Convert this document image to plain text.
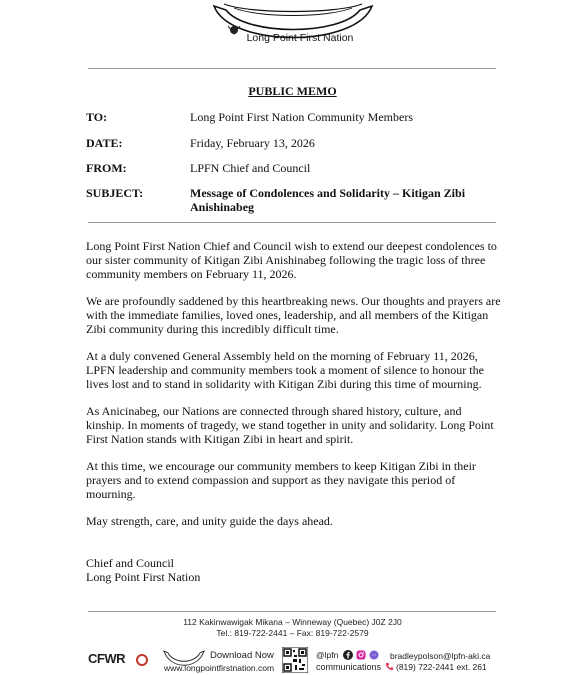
Long Point First Nation
PUBLIC MEMO
TO:	Long Point First Nation Community Members
DATE:	Friday, February 13, 2026
FROM:	LPFN Chief and Council
SUBJECT:	Message of Condolences and Solidarity – Kitigan Zibi Anishinabeg

Long Point First Nation Chief and Council wish to extend our deepest condolences to our sister community of Kitigan Zibi Anishinabeg following the tragic loss of three community members on February 11, 2026.

We are profoundly saddened by this heartbreaking news. Our thoughts and prayers are with the immediate families, loved ones, leadership, and all members of the Kitigan Zibi community during this incredibly difficult time.

At a duly convened General Assembly held on the morning of February 11, 2026, LPFN leadership and community members took a moment of silence to honour the lives lost and to stand in solidarity with Kitigan Zibi during this time of mourning.

As Anicinabeg, our Nations are connected through shared history, culture, and kinship. In moments of tragedy, we stand together in unity and solidarity. Long Point First Nation stands with Kitigan Zibi in heart and spirit.

At this time, we encourage our community members to keep Kitigan Zibi in their prayers and to extend compassion and support as they navigate this period of mourning.

May strength, care, and unity guide the days ahead.

Chief and Council
Long Point First Nation
112 Kakinwawigak Mikana – Winneway (Quebec) J0Z 2J0
Tel.: 819-722-2441 – Fax: 819-722-2579
CFWR	Download Now
www.longpointfirstnation.com
@lpfn
communications
bradleypolson@lpfn-aki.ca
(819) 722-2441 ext. 261
